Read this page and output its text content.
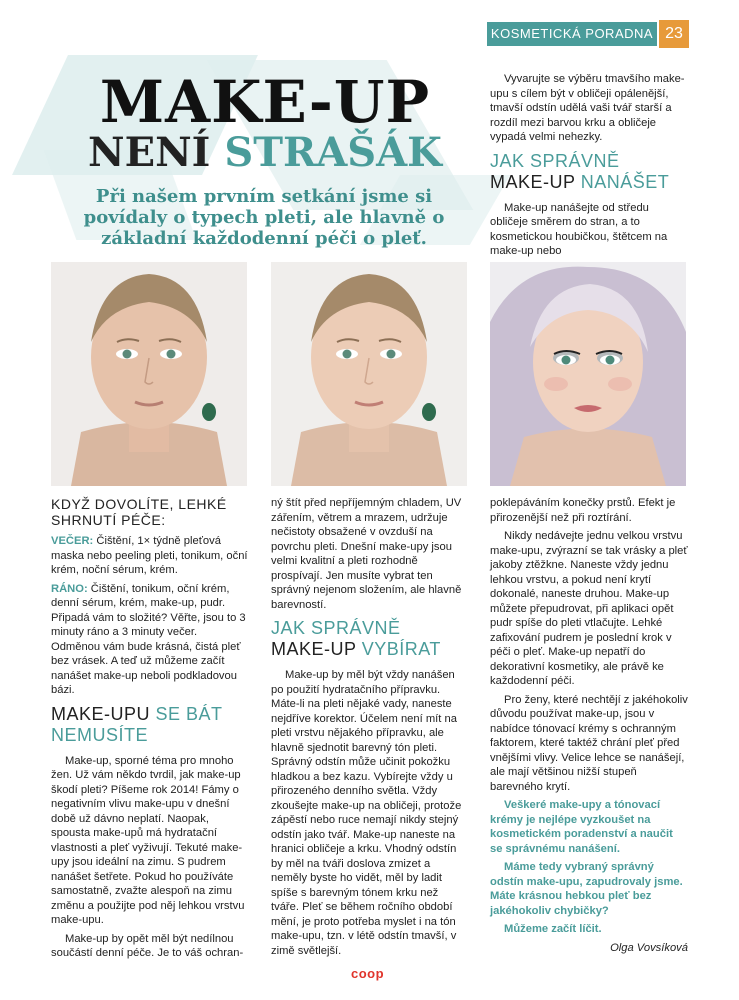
KOSMETICKÁ PORADNA 23
MAKE-UP
NENÍ STRAŠÁK
Při našem prvním setkání jsme si povídaly o typech pleti, ale hlavně o základní každodenní péči o pleť.
KDYŽ DOVOLÍTE, LEHKÉ SHRNUTÍ PÉČE:

VEČER: Čištění, 1× týdně pleťová maska nebo peeling pleti, tonikum, oční krém, noční sérum, krém.

RÁNO: Čištění, tonikum, oční krém, denní sérum, krém, make-up, pudr. Připadá vám to složité? Věřte, jsou to 3 minuty ráno a 3 minuty večer. Odměnou vám bude krásná, čistá pleť bez vrásek. A teď už můžeme začít nanášet make-up neboli podkladovou bázi.

MAKE-UPU SE BÁT NEMUSÍTE

Make-up, sporné téma pro mnoho žen. Už vám někdo tvrdil, jak make-up škodí pleti? Píšeme rok 2014! Fámy o negativním vlivu make-upu v dnešní době už dávno neplatí. Naopak, spousta make-upů má hydratační vlastnosti a pleť vyživují. Tekuté make-upy jsou ideální na zimu. S pudrem nanášet šetřete. Pokud ho používáte samostatně, zvažte alespoň na zimu změnu a použijte pod něj lehkou vrstvu make-upu.

Make-up by opět měl být nedílnou součástí denní péče. Je to váš ochran-

ný štít před nepříjemným chladem, UV zářením, větrem a mrazem, udržuje nečistoty obsažené v ovzduší na povrchu pleti. Dnešní make-upy jsou velmi kvalitní a pleti rozhodně prospívají. Jen musíte vybrat ten správný nejenom složením, ale hlavně barevností.

JAK SPRÁVNĚ
MAKE-UP VYBÍRAT

Make-up by měl být vždy nanášen po použití hydratačního přípravku. Máte-li na pleti nějaké vady, naneste nejdříve korektor. Účelem není mít na pleti vrstvu nějakého přípravku, ale hlavně sjednotit barevný tón pleti. Správný odstín může učinit pokožku hladkou a bez kazu. Vybírejte vždy u přirozeného denního světla. Vždy zkoušejte make-up na obličeji, protože zápěstí nebo ruce nemají nikdy stejný odstín jako tvář. Make-up naneste na hranici obličeje a krku. Vhodný odstín by měl na tváři doslova zmizet a neměly byste ho vidět, měl by ladit spíše s barevným tónem krku než tváře. Pleť se během ročního období mění, je proto potřeba myslet i na tón make-upu, tzn. v létě odstín tmavší, v zimě světlejší.

Vyvarujte se výběru tmavšího make-upu s cílem být v obličeji opálenější, tmavší odstín udělá vaši tvář starší a rozdíl mezi barvou krku a obličeje vypadá velmi nehezky.

JAK SPRÁVNĚ
MAKE-UP NANÁŠET

Make-up nanášejte od středu obličeje směrem do stran, a to kosmetickou houbičkou, štětcem na make-up nebo

poklepáváním konečky prstů. Efekt je přirozenější než při roztírání.

Nikdy nedávejte jednu velkou vrstvu make-upu, zvýrazní se tak vrásky a pleť jakoby ztěžkne. Naneste vždy jednu lehkou vrstvu, a pokud není krytí dokonalé, naneste druhou. Make-up můžete přepudrovat, při aplikaci opět pudr spíše do pleti vtlačujte. Lehké zafixování pudrem je poslední krok v péči o pleť. Make-up nepatří do dekorativní kosmetiky, ale právě ke každodenní péči.

Pro ženy, které nechtějí z jakéhokoliv důvodu používat make-up, jsou v nabídce tónovací krémy s ochranným faktorem, které taktéž chrání pleť před vnějšími vlivy. Velice lehce se nanášejí, ale mají většinou nižší stupeň barevného krytí.

Veškeré make-upy a tónovací krémy je nejlépe vyzkoušet na kosmetickém poradenství a naučit se správnému nanášení.

Máme tedy vybraný správný odstín make-upu, zapudrovaly jsme. Máte krásnou hebkou pleť bez jakéhokoliv chybičky?

Můžeme začít líčit.

Olga Vovsíková
coop
